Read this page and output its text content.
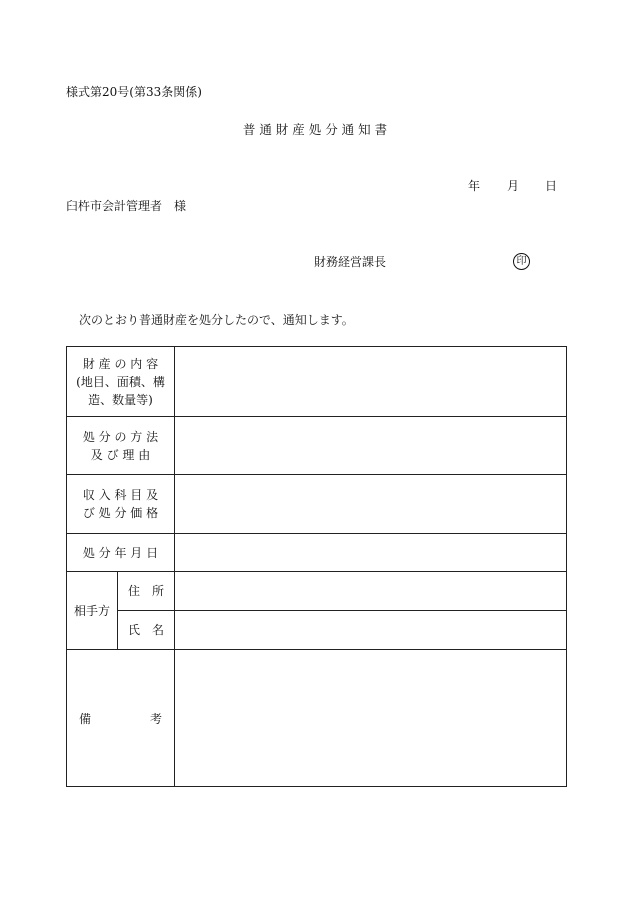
様式第20号(第33条関係)
普 通 財 産 処 分 通 知 書
年 月 日
臼杵市会計管理者　様
財務経営課長	印
次のとおり普通財産を処分したので、通知します。
財 産 の 内 容
(地目、面積、構
造、数量等)		

処 分 の 方 法
及 び 理 由		

収 入 科 目 及
び 処 分 価 格		

処 分 年 月 日		
相手方	住　所	
	氏　名	

備 考		
